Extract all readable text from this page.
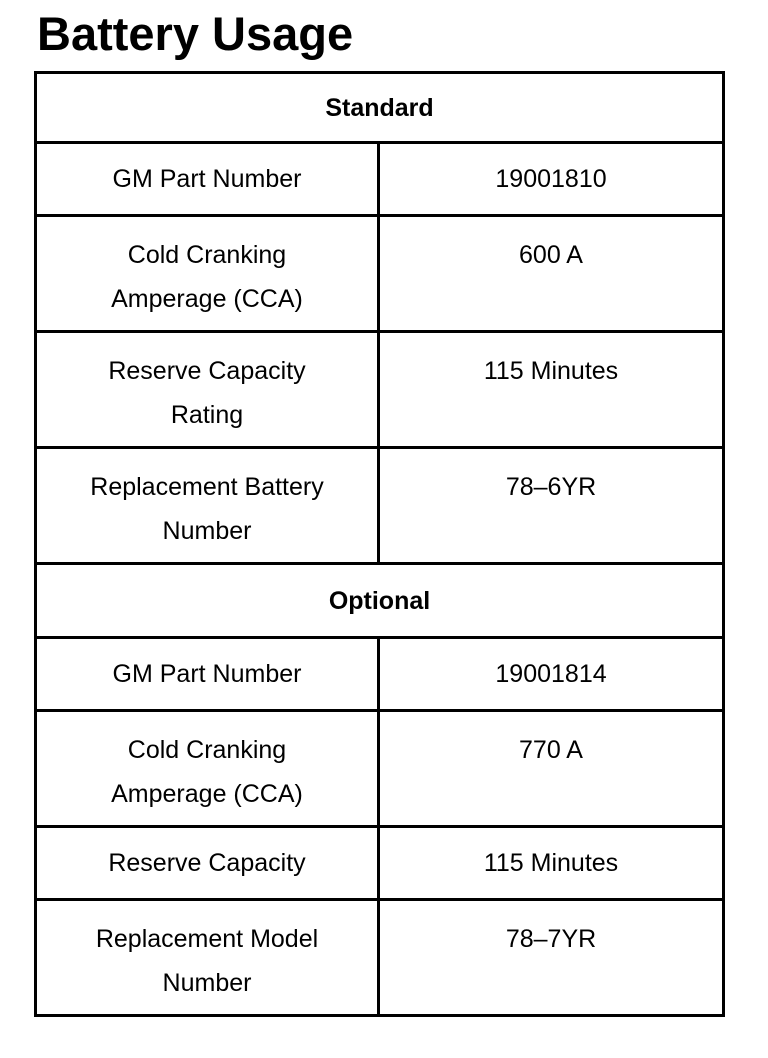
Battery Usage
Standard	
GM Part Number	19001810
Cold Cranking Amperage (CCA)	600 A
Reserve Capacity Rating	115 Minutes
Replacement Battery Number	78–6YR
Optional	
GM Part Number	19001814
Cold Cranking Amperage (CCA)	770 A
Reserve Capacity	115 Minutes
Replacement Model Number	78–7YR
